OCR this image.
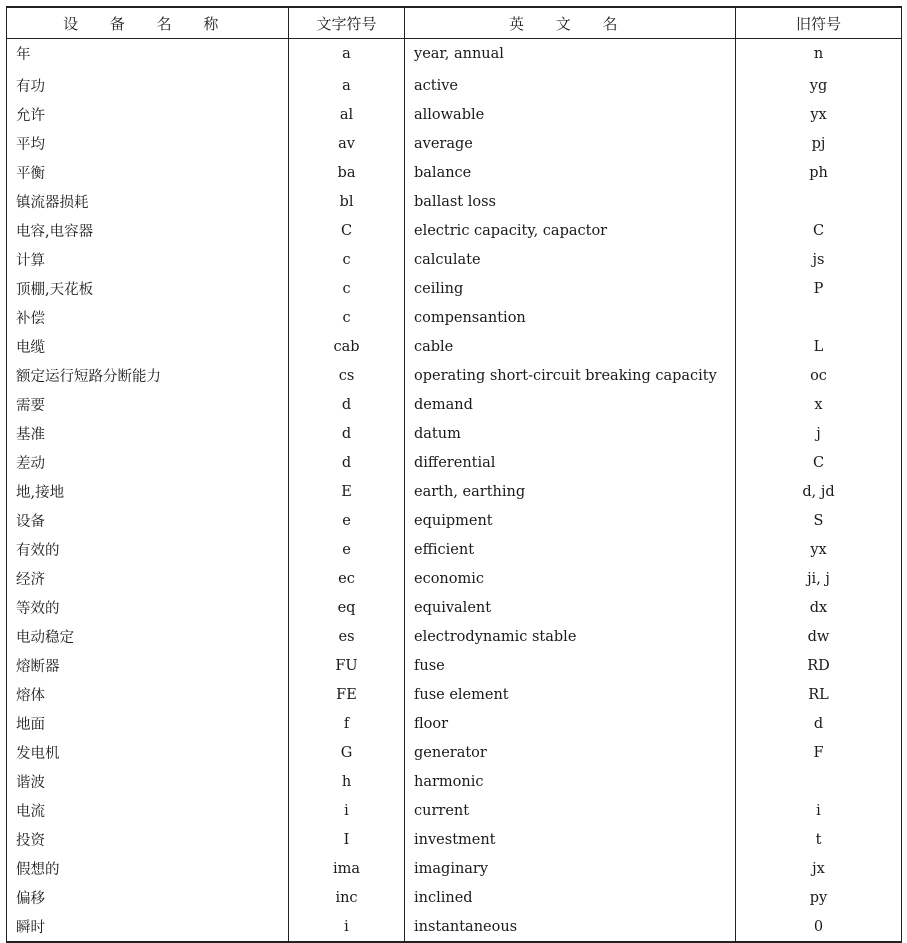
设 备 名 称	文字符号	英 文 名	旧符号
年	a	year, annual	n
有功	a	active	yg
允许	al	allowable	yx
平均	av	average	pj
平衡	ba	balance	ph
镇流器损耗	bl	ballast loss	
电容,电容器	C	electric capacity, capactor	C
计算	c	calculate	js
顶棚,天花板	c	ceiling	P
补偿	c	compensantion	
电缆	cab	cable	L
额定运行短路分断能力	cs	operating short-circuit breaking capacity	oc
需要	d	demand	x
基准	d	datum	j
差动	d	differential	C
地,接地	E	earth, earthing	d, jd
设备	e	equipment	S
有效的	e	efficient	yx
经济	ec	economic	ji, j
等效的	eq	equivalent	dx
电动稳定	es	electrodynamic stable	dw
熔断器	FU	fuse	RD
熔体	FE	fuse element	RL
地面	f	floor	d
发电机	G	generator	F
谐波	h	harmonic	
电流	i	current	i
投资	I	investment	t
假想的	ima	imaginary	jx
偏移	inc	inclined	py
瞬时	i	instantaneous	0
